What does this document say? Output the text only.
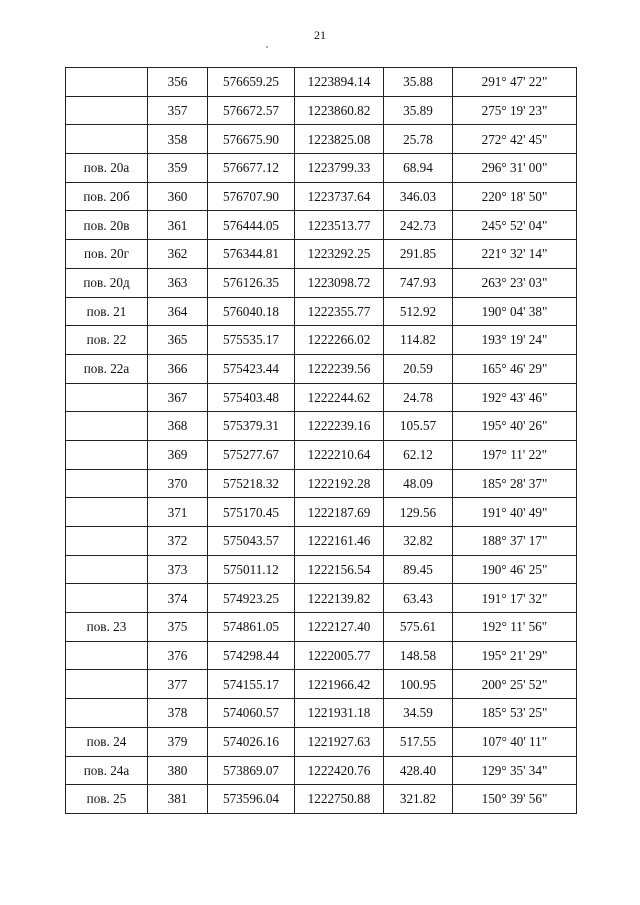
21
	356	576659.25	1223894.14	35.88	291° 47' 22"
	357	576672.57	1223860.82	35.89	275° 19' 23"
	358	576675.90	1223825.08	25.78	272° 42' 45"
пов. 20а	359	576677.12	1223799.33	68.94	296° 31' 00"
пов. 20б	360	576707.90	1223737.64	346.03	220° 18' 50"
пов. 20в	361	576444.05	1223513.77	242.73	245° 52' 04"
пов. 20г	362	576344.81	1223292.25	291.85	221° 32' 14"
пов. 20д	363	576126.35	1223098.72	747.93	263° 23' 03"
пов. 21	364	576040.18	1222355.77	512.92	190° 04' 38"
пов. 22	365	575535.17	1222266.02	114.82	193° 19' 24"
пов. 22а	366	575423.44	1222239.56	20.59	165° 46' 29"
	367	575403.48	1222244.62	24.78	192° 43' 46"
	368	575379.31	1222239.16	105.57	195° 40' 26"
	369	575277.67	1222210.64	62.12	197° 11' 22"
	370	575218.32	1222192.28	48.09	185° 28' 37"
	371	575170.45	1222187.69	129.56	191° 40' 49"
	372	575043.57	1222161.46	32.82	188° 37' 17"
	373	575011.12	1222156.54	89.45	190° 46' 25"
	374	574923.25	1222139.82	63.43	191° 17' 32"
пов. 23	375	574861.05	1222127.40	575.61	192° 11' 56"
	376	574298.44	1222005.77	148.58	195° 21' 29"
	377	574155.17	1221966.42	100.95	200° 25' 52"
	378	574060.57	1221931.18	34.59	185° 53' 25"
пов. 24	379	574026.16	1221927.63	517.55	107° 40' 11"
пов. 24а	380	573869.07	1222420.76	428.40	129° 35' 34"
пов. 25	381	573596.04	1222750.88	321.82	150° 39' 56"
